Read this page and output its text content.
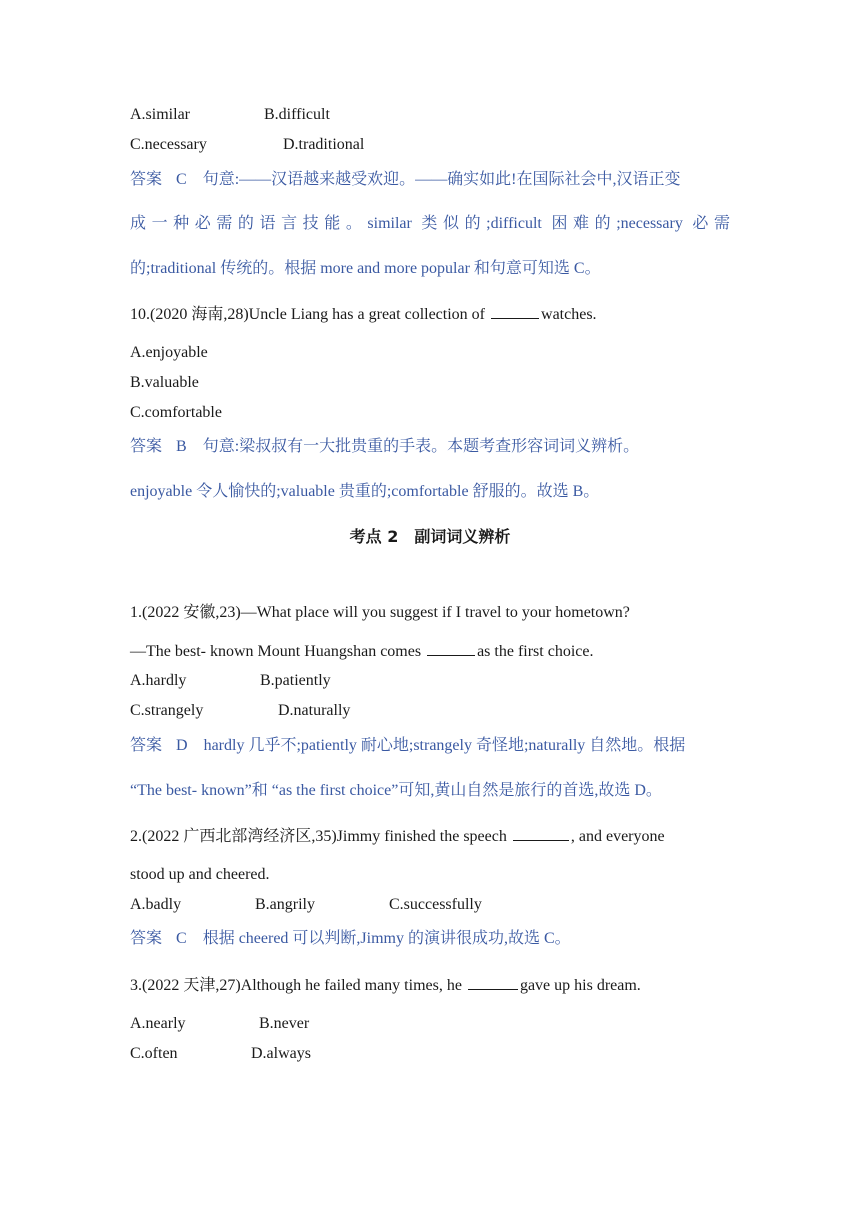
A.similar	B.difficult
C.necessary	D.traditional
答案 C 句意:——汉语越来越受欢迎。——确实如此!在国际社会中,汉语正变
成一种必需的语言技能。similar 类似的;difficult 困难的;necessary 必需
的;traditional 传统的。根据 more and more popular 和句意可知选 C。
10.(2020 海南,28)Uncle Liang has a great collection of	watches.
A.enjoyable
B.valuable
C.comfortable
答案 B 句意:梁叔叔有一大批贵重的手表。本题考查形容词词义辨析。
enjoyable 令人愉快的;valuable 贵重的;comfortable 舒服的。故选 B。
考点 2　副词词义辨析
1.(2022 安徽,23)—What place will you suggest if I travel to your hometown?
—The best- known Mount Huangshan comes	as the first choice.
A.hardly	B.patiently
C.strangely	D.naturally
答案 D hardly 几乎不;patiently 耐心地;strangely 奇怪地;naturally 自然地。根据
“The best- known”和 “as the first choice”可知,黄山自然是旅行的首选,故选 D。
2.(2022 广西北部湾经济区,35)Jimmy finished the speech	, and everyone
stood up and cheered.
A.badly	B.angrily	C.successfully
答案 C 根据 cheered 可以判断,Jimmy 的演讲很成功,故选 C。
3.(2022 天津,27)Although he failed many times, he	gave up his dream.
A.nearly	B.never
C.often	D.always
